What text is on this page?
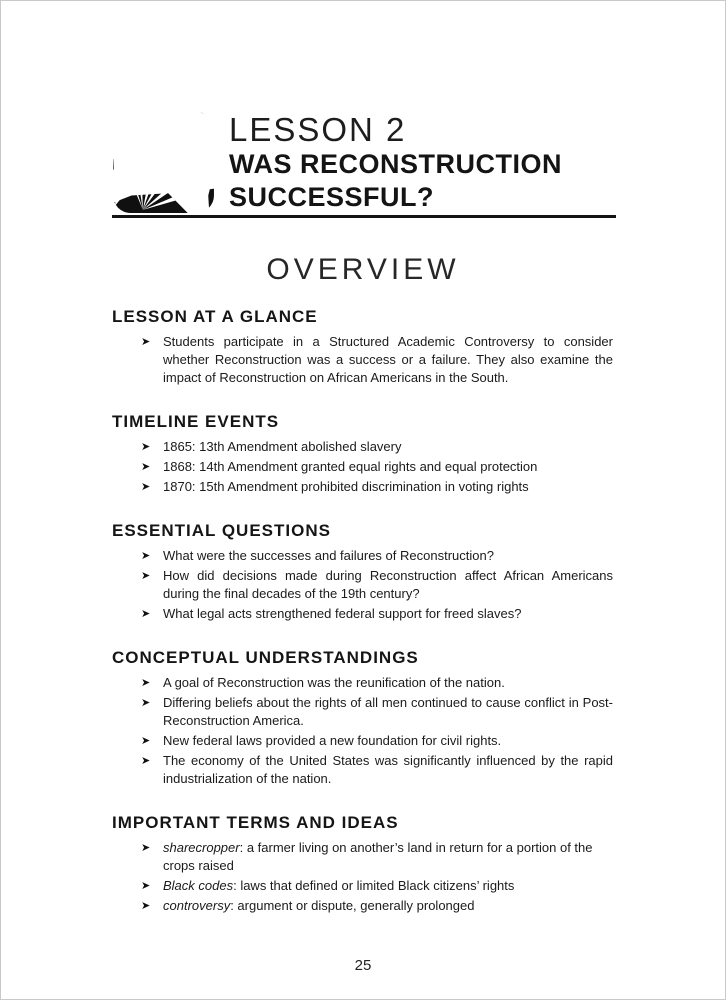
LESSON 2
WAS RECONSTRUCTION
SUCCESSFUL?
OVERVIEW
LESSON AT A GLANCE
➤ Students participate in a Structured Academic Controversy to consider whether Reconstruction was a success or a failure. They also examine the impact of Reconstruction on African Americans in the South.
TIMELINE EVENTS
➤ 1865: 13th Amendment abolished slavery
➤ 1868: 14th Amendment granted equal rights and equal protection
➤ 1870: 15th Amendment prohibited discrimination in voting rights
ESSENTIAL QUESTIONS
➤ What were the successes and failures of Reconstruction?
➤ How did decisions made during Reconstruction affect African Americans during the final decades of the 19th century?
➤ What legal acts strengthened federal support for freed slaves?
CONCEPTUAL UNDERSTANDINGS
➤ A goal of Reconstruction was the reunification of the nation.
➤ Differing beliefs about the rights of all men continued to cause conflict in Post-Reconstruction America.
➤ New federal laws provided a new foundation for civil rights.
➤ The economy of the United States was significantly influenced by the rapid industrialization of the nation.
IMPORTANT TERMS AND IDEAS
➤ sharecropper: a farmer living on another’s land in return for a portion of the crops raised
➤ Black codes: laws that defined or limited Black citizens’ rights
➤ controversy: argument or dispute, generally prolonged
25
